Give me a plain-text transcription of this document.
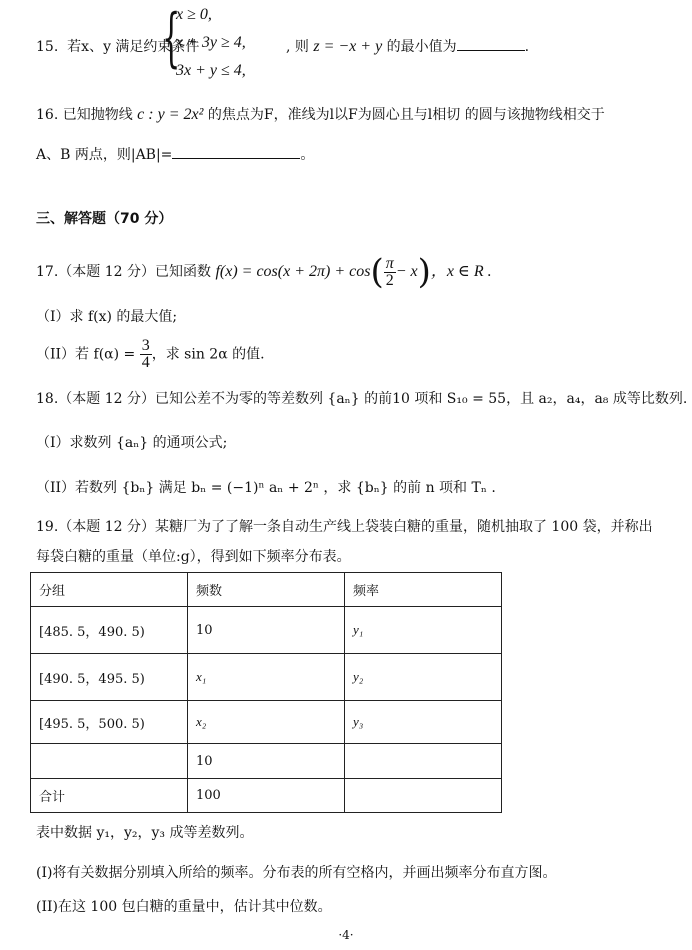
15. 若x、y 满足约束条件
{
x ≥ 0,
x + 3y ≥ 4,
3x + y ≤ 4,
, 则 z = −x + y 的最小值为	.
16. 已知抛物线 c : y = 2x² 的焦点为F，准线为l以F为圆心且与l相切 的圆与该抛物线相交于
A、B 两点，则|AB|=	。
三、解答题（70 分）
17.（本题 12 分）已知函数 $f(x) = \cos(x + 2\pi) + \cos( \frac{\pi}{2} - x)$，x ∈ R .
（I）求 f(x) 的最大值;
（II）若 $f(\alpha) = \frac{3}{4}$ ，求 sin 2α 的值.
18.（本题 12 分）已知公差不为零的等差数列 {aₙ} 的前10 项和 S₁₀ = 55，且 a₂，a₄，a₈ 成等比数列.
（I）求数列 {aₙ} 的通项公式;
（II）若数列 {bₙ} 满足 bₙ = (−1)ⁿ aₙ + 2ⁿ ，求 {bₙ} 的前 n 项和 Tₙ .
19.（本题 12 分）某糖厂为了了解一条自动生产线上袋装白糖的重量，随机抽取了 100 袋，并称出
每袋白糖的重量（单位:g），得到如下频率分布表。
分组	频数	频率
[485. 5，490. 5)	10	y₁
[490. 5，495. 5)	x₁	y₂
[495. 5，500. 5)	x₂	y₃
	10	
合计	100	
表中数据 y₁，y₂，y₃ 成等差数列。
(I)将有关数据分别填入所给的频率。分布表的所有空格内，并画出频率分布直方图。
(II)在这 100 包白糖的重量中，估计其中位数。
·4·
